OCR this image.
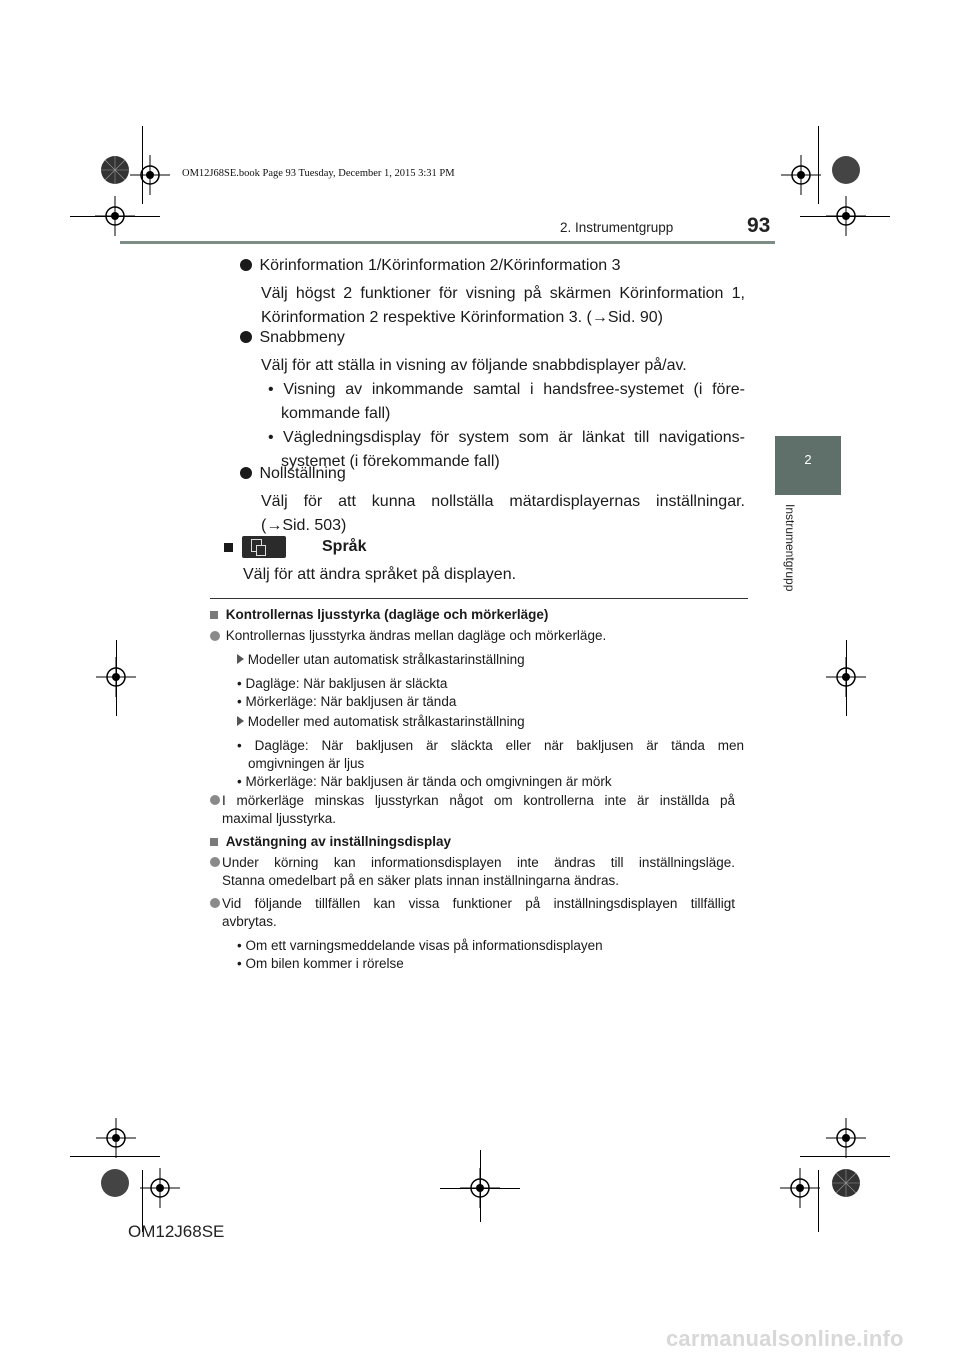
OM12J68SE.book Page 93 Tuesday, December 1, 2015 3:31 PM
2. Instrumentgrupp	93
2
Instrumentgrupp
Körinformation 1/Körinformation 2/Körinformation 3
Välj högst 2 funktioner för visning på skärmen Körinformation 1,
Körinformation 2 respektive Körinformation 3. (→Sid. 90)
Snabbmeny
Välj för att ställa in visning av följande snabbdisplayer på/av.
• Visning av inkommande samtal i handsfree-systemet (i före-
kommande fall)
• Vägledningsdisplay för system som är länkat till navigations-
systemet (i förekommande fall)
Nollställning
Välj för att kunna nollställa mätardisplayernas inställningar.
(→Sid. 503)
Språk
Välj för att ändra språket på displayen.
Kontrollernas ljusstyrka (dagläge och mörkerläge)
Kontrollernas ljusstyrka ändras mellan dagläge och mörkerläge.
Modeller utan automatisk strålkastarinställning
• Dagläge: När bakljusen är släckta
• Mörkerläge: När bakljusen är tända
Modeller med automatisk strålkastarinställning
• Dagläge: När bakljusen är släckta eller när bakljusen är tända men
omgivningen är ljus
• Mörkerläge: När bakljusen är tända och omgivningen är mörk
I mörkerläge minskas ljusstyrkan något om kontrollerna inte är inställda på
maximal ljusstyrka.
Avstängning av inställningsdisplay
Under körning kan informationsdisplayen inte ändras till inställningsläge.
Stanna omedelbart på en säker plats innan inställningarna ändras.
Vid följande tillfällen kan vissa funktioner på inställningsdisplayen tillfälligt
avbrytas.
• Om ett varningsmeddelande visas på informationsdisplayen
• Om bilen kommer i rörelse
OM12J68SE
carmanualsonline.info
